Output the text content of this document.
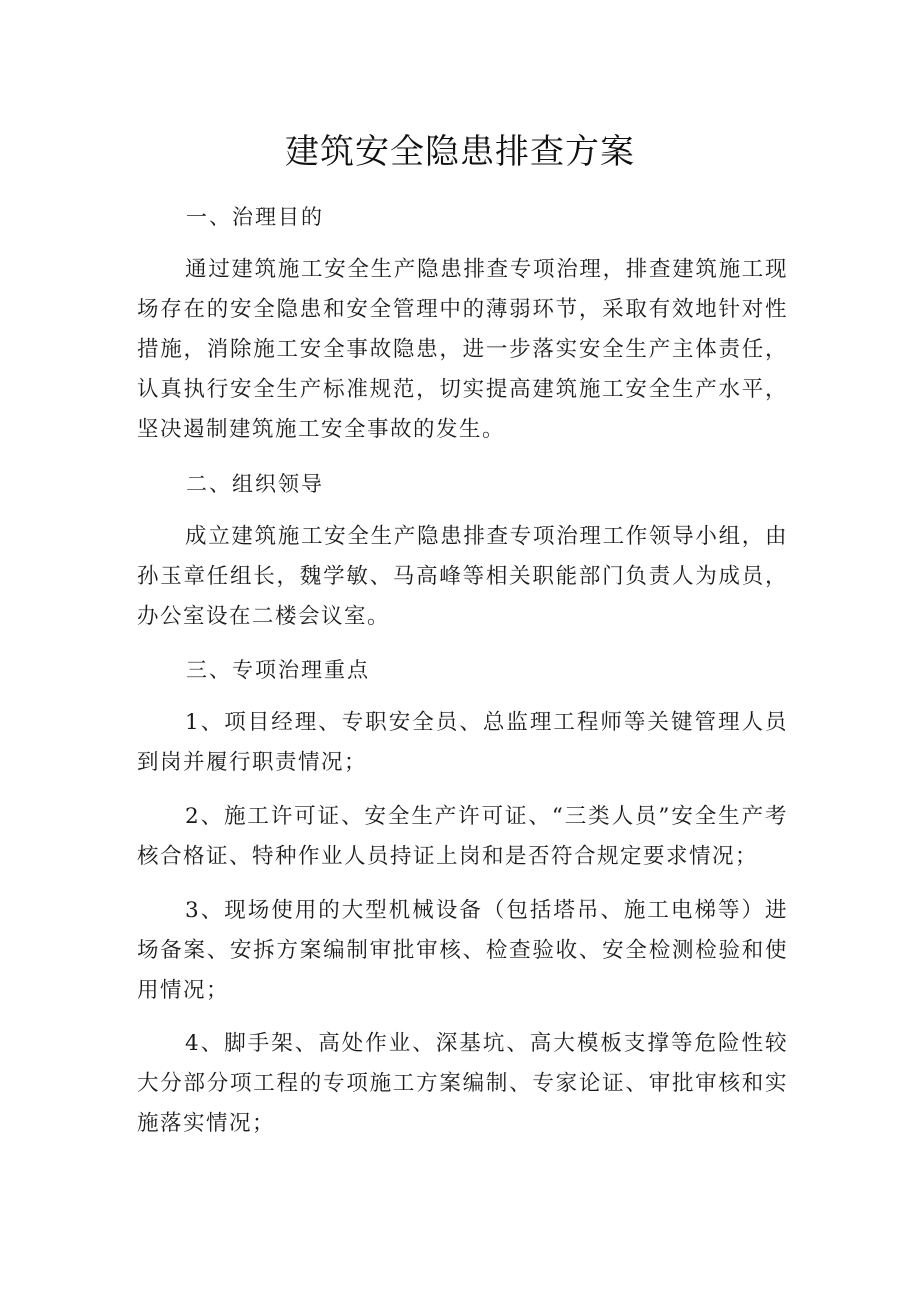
建筑安全隐患排查方案
一、治理目的
通过建筑施工安全生产隐患排查专项治理，排查建筑施工现场存在的安全隐患和安全管理中的薄弱环节，采取有效地针对性措施，消除施工安全事故隐患，进一步落实安全生产主体责任，认真执行安全生产标准规范，切实提高建筑施工安全生产水平，坚决遏制建筑施工安全事故的发生。
二、组织领导
成立建筑施工安全生产隐患排查专项治理工作领导小组，由孙玉章任组长，魏学敏、马高峰等相关职能部门负责人为成员，办公室设在二楼会议室。
三、专项治理重点
1、项目经理、专职安全员、总监理工程师等关键管理人员到岗并履行职责情况；
2、施工许可证、安全生产许可证、“三类人员”安全生产考核合格证、特种作业人员持证上岗和是否符合规定要求情况；
3、现场使用的大型机械设备（包括塔吊、施工电梯等）进场备案、安拆方案编制审批审核、检查验收、安全检测检验和使用情况；
4、脚手架、高处作业、深基坑、高大模板支撑等危险性较大分部分项工程的专项施工方案编制、专家论证、审批审核和实施落实情况；
